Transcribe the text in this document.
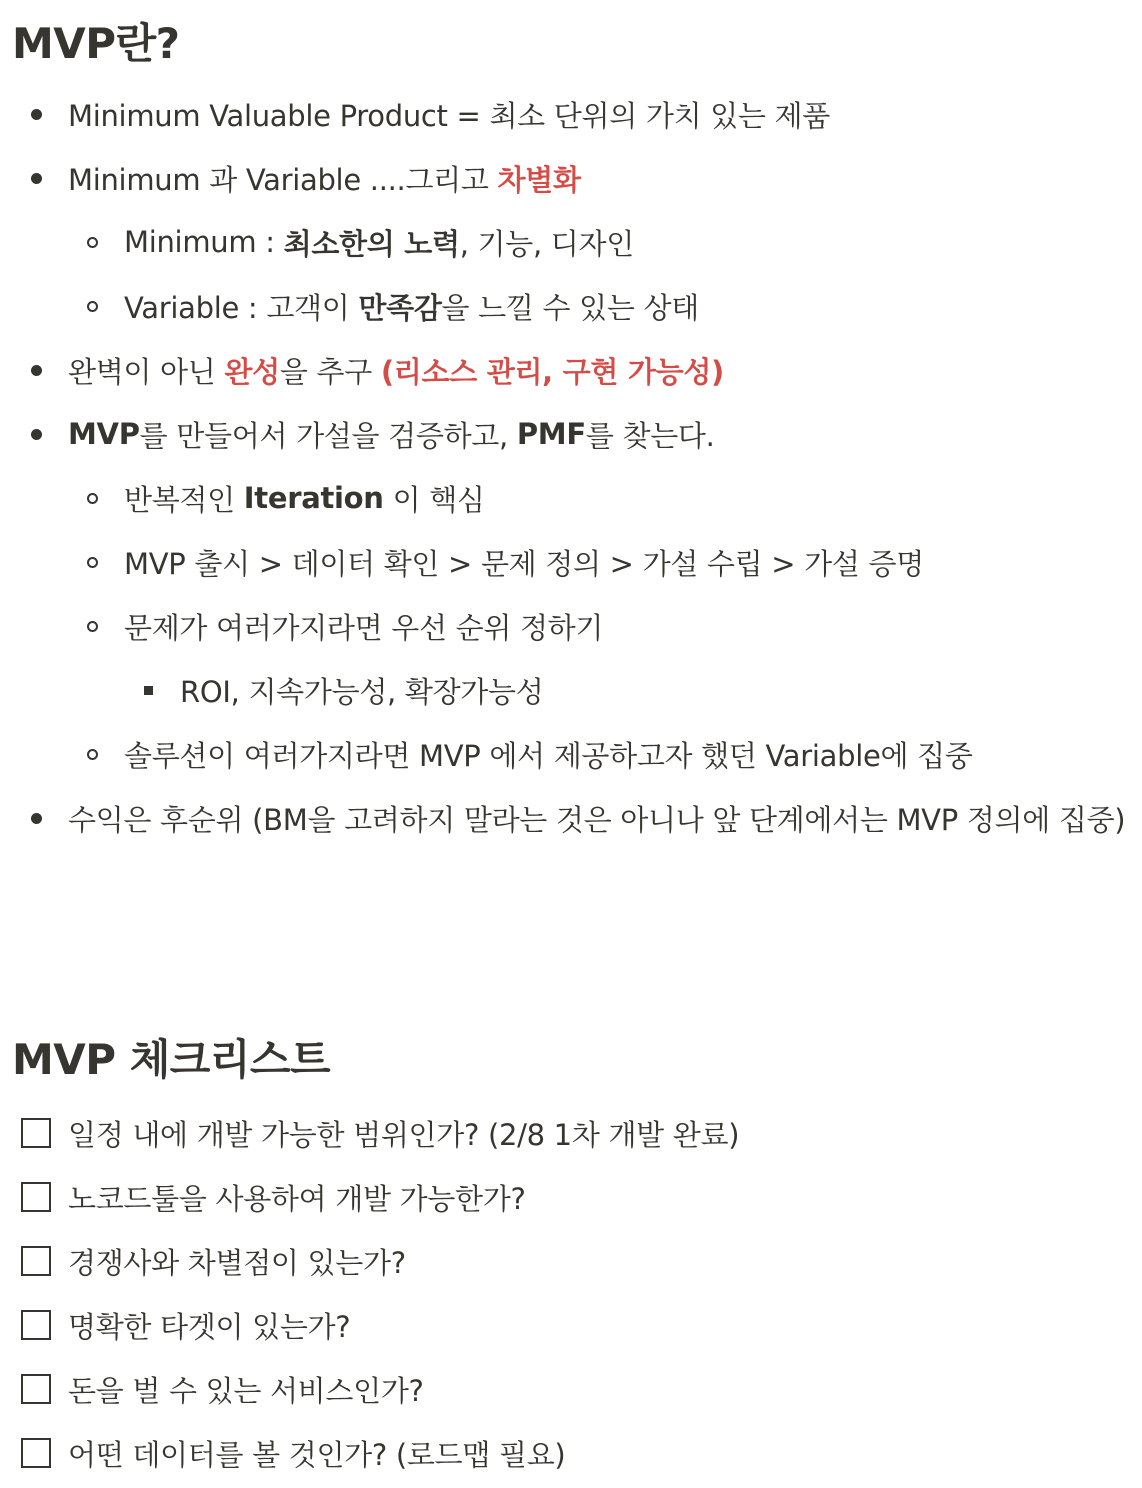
MVP란?
Minimum Valuable Product = 최소 단위의 가치 있는 제품
Minimum 과 Variable ....그리고 차별화
Minimum : 최소한의 노력 , 기능, 디자인
Variable : 고객이 만족감 을 느낄 수 있는 상태
완벽이 아닌 완성 을 추구 (리소스 관리, 구현 가능성)
MVP 를 만들어서 가설을 검증하고, PMF 를 찾는다.
반복적인 Iteration 이 핵심
MVP 출시 > 데이터 확인 > 문제 정의 > 가설 수립 > 가설 증명
문제가 여러가지라면 우선 순위 정하기
ROI, 지속가능성, 확장가능성
솔루션이 여러가지라면 MVP 에서 제공하고자 했던 Variable에 집중
수익은 후순위 (BM을 고려하지 말라는 것은 아니나 앞 단계에서는 MVP 정의에 집중)
MVP 체크리스트
일정 내에 개발 가능한 범위인가? (2/8 1차 개발 완료)
노코드툴을 사용하여 개발 가능한가?
경쟁사와 차별점이 있는가?
명확한 타겟이 있는가?
돈을 벌 수 있는 서비스인가?
어떤 데이터를 볼 것인가? (로드맵 필요)
